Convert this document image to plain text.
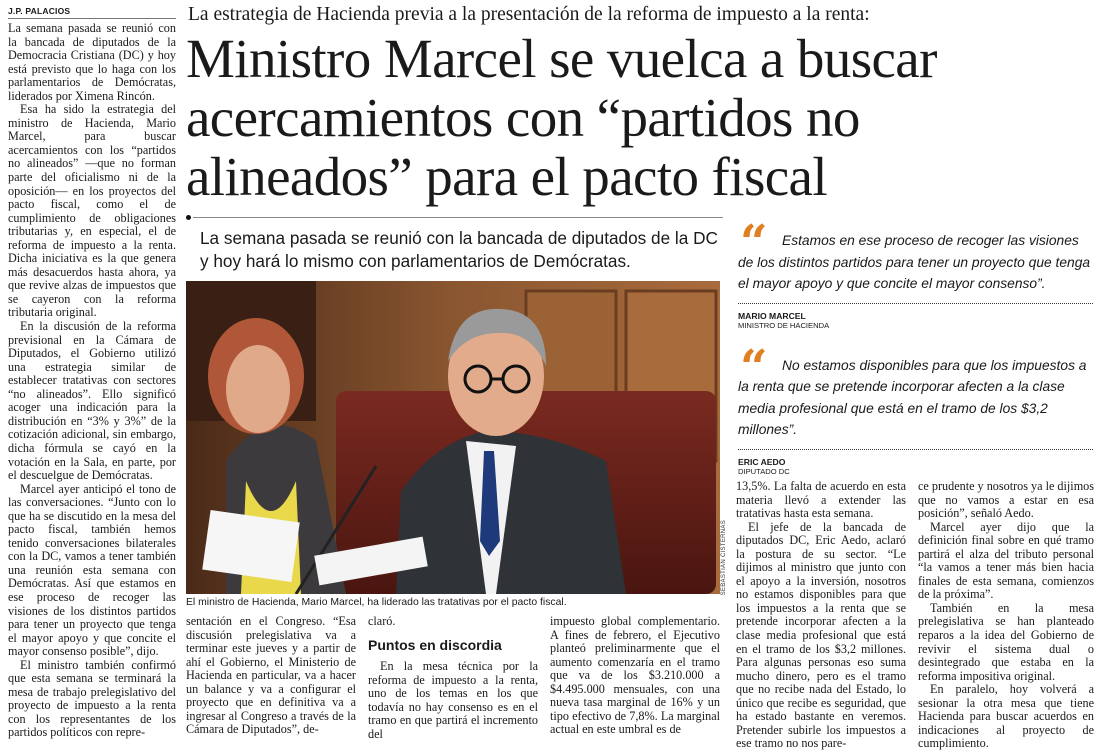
J.P. PALACIOS

La semana pasada se reunió con la bancada de diputados de la Democracia Cristiana (DC) y hoy está previsto que lo haga con los parlamentarios de Demócratas, liderados por Ximena Rincón.

Esa ha sido la estrategia del ministro de Hacienda, Mario Marcel, para buscar acercamientos con los “partidos no alineados” —que no forman parte del oficialismo ni de la oposición— en los proyectos del pacto fiscal, como el de cumplimiento de obligaciones tributarias y, en especial, el de reforma de impuesto a la renta. Dicha iniciativa es la que genera más desacuerdos hasta ahora, ya que revive alzas de impuestos que se cayeron con la reforma tributaria original.

En la discusión de la reforma previsional en la Cámara de Diputados, el Gobierno utilizó una estrategia similar de establecer tratativas con sectores “no alineados”. Ello significó acoger una indicación para la distribución en “3% y 3%” de la cotización adicional, sin embargo, dicha fórmula se cayó en la votación en la Sala, en parte, por el descuelgue de Demócratas.

Marcel ayer anticipó el tono de las conversaciones. “Junto con lo que ha se discutido en la mesa del pacto fiscal, también hemos tenido conversaciones bilaterales con la DC, vamos a tener también una reunión esta semana con Demócratas. Así que estamos en ese proceso de recoger las visiones de los distintos partidos para tener un proyecto que tenga el mayor apoyo y que concite el mayor consenso posible”, dijo.

El ministro también confirmó que esta semana se terminará la mesa de trabajo prelegislativo del proyecto de impuesto a la renta con los representantes de los partidos políticos con repre-

La estrategia de Hacienda previa a la presentación de la reforma de impuesto a la renta:
Ministro Marcel se vuelca a buscar acercamientos con “partidos no alineados” para el pacto fiscal
La semana pasada se reunió con la bancada de diputados de la DC y hoy hará lo mismo con parlamentarios de Demócratas.
SEBASTIÁN CISTERNAS
El ministro de Hacienda, Mario Marcel, ha liderado las tratativas por el pacto fiscal.
“	Estamos en ese proceso de recoger las visiones de los distintos partidos para tener un proyecto que tenga el mayor apoyo y que concite el mayor consenso”.
MARIO MARCEL
MINISTRO DE HACIENDA
“	No estamos disponibles para que los impuestos a la renta que se pretende incorporar afecten a la clase media profesional que está en el tramo de los $3,2 millones”.
ERIC AEDO
DIPUTADO DC

sentación en el Congreso. “Esa discusión prelegislativa va a terminar este jueves y a partir de ahí el Gobierno, el Ministerio de Hacienda en particular, va a hacer un balance y va a configurar el proyecto que en definitiva va a ingresar al Congreso a través de la Cámara de Diputados”, de-

claró.

Puntos en discordia

En la mesa técnica por la reforma de impuesto a la renta, uno de los temas en los que todavía no hay consenso es en el tramo en que partirá el incremento del

impuesto global complementario. A fines de febrero, el Ejecutivo planteó preliminarmente que el aumento comenzaría en el tramo que va de los $3.210.000 a $4.495.000 mensuales, con una nueva tasa marginal de 16% y un tipo efectivo de 7,8%. La marginal actual en este umbral es de

13,5%. La falta de acuerdo en esta materia llevó a extender las tratativas hasta esta semana.

El jefe de la bancada de diputados DC, Eric Aedo, aclaró la postura de su sector. “Le dijimos al ministro que junto con el apoyo a la inversión, nosotros no estamos disponibles para que los impuestos a la renta que se pretende incorporar afecten a la clase media profesional que está en el tramo de los $3,2 millones. Para algunas personas eso suma mucho dinero, pero es el tramo que no recibe nada del Estado, lo único que recibe es seguridad, que ha estado bastante en veremos. Pretender subirle los impuestos a ese tramo no nos pare-

ce prudente y nosotros ya le dijimos que no vamos a estar en esa posición”, señaló Aedo.

Marcel ayer dijo que la definición final sobre en qué tramo partirá el alza del tributo personal “la vamos a tener más bien hacia finales de esta semana, comienzos de la próxima”.

También en la mesa prelegislativa se han planteado reparos a la idea del Gobierno de revivir el sistema dual o desintegrado que estaba en la reforma impositiva original.

En paralelo, hoy volverá a sesionar la otra mesa que tiene Hacienda para buscar acuerdos en indicaciones al proyecto de cumplimiento.
